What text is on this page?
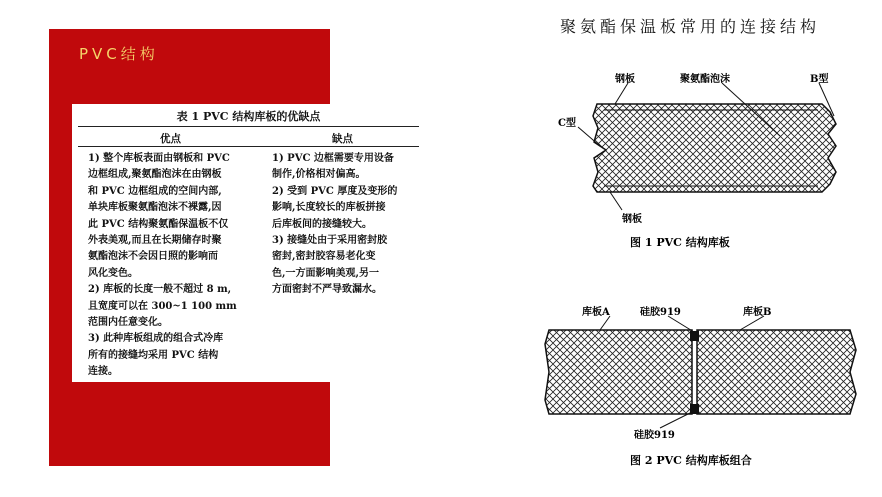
聚氨酯保温板常用的连接结构
PVC结构
表 1 PVC 结构库板的优缺点
优点	缺点
1) 整个库板表面由钢板和 PVC
边框组成,聚氨酯泡沫在由钢板
和 PVC 边框组成的空间内部,
单块库板聚氨酯泡沫不裸露,因
此 PVC 结构聚氨酯保温板不仅
外表美观,而且在长期储存时聚
氨酯泡沫不会因日照的影响而
风化变色。
2) 库板的长度一般不超过 8 m,
且宽度可以在 300~1 100 mm
范围内任意变化。
3) 此种库板组成的组合式冷库
所有的接缝均采用 PVC 结构
连接。
1) PVC 边框需要专用设备
制作,价格相对偏高。
2) 受到 PVC 厚度及变形的
影响,长度较长的库板拼接
后库板间的接缝较大。
3) 接缝处由于采用密封胶
密封,密封胶容易老化变
色,一方面影响美观,另一
方面密封不严导致漏水。
钢板	聚氨酯泡沫	B型
C型
钢板
图 1 PVC 结构库板
库板A	硅胶919	库板B
硅胶919
图 2 PVC 结构库板组合
